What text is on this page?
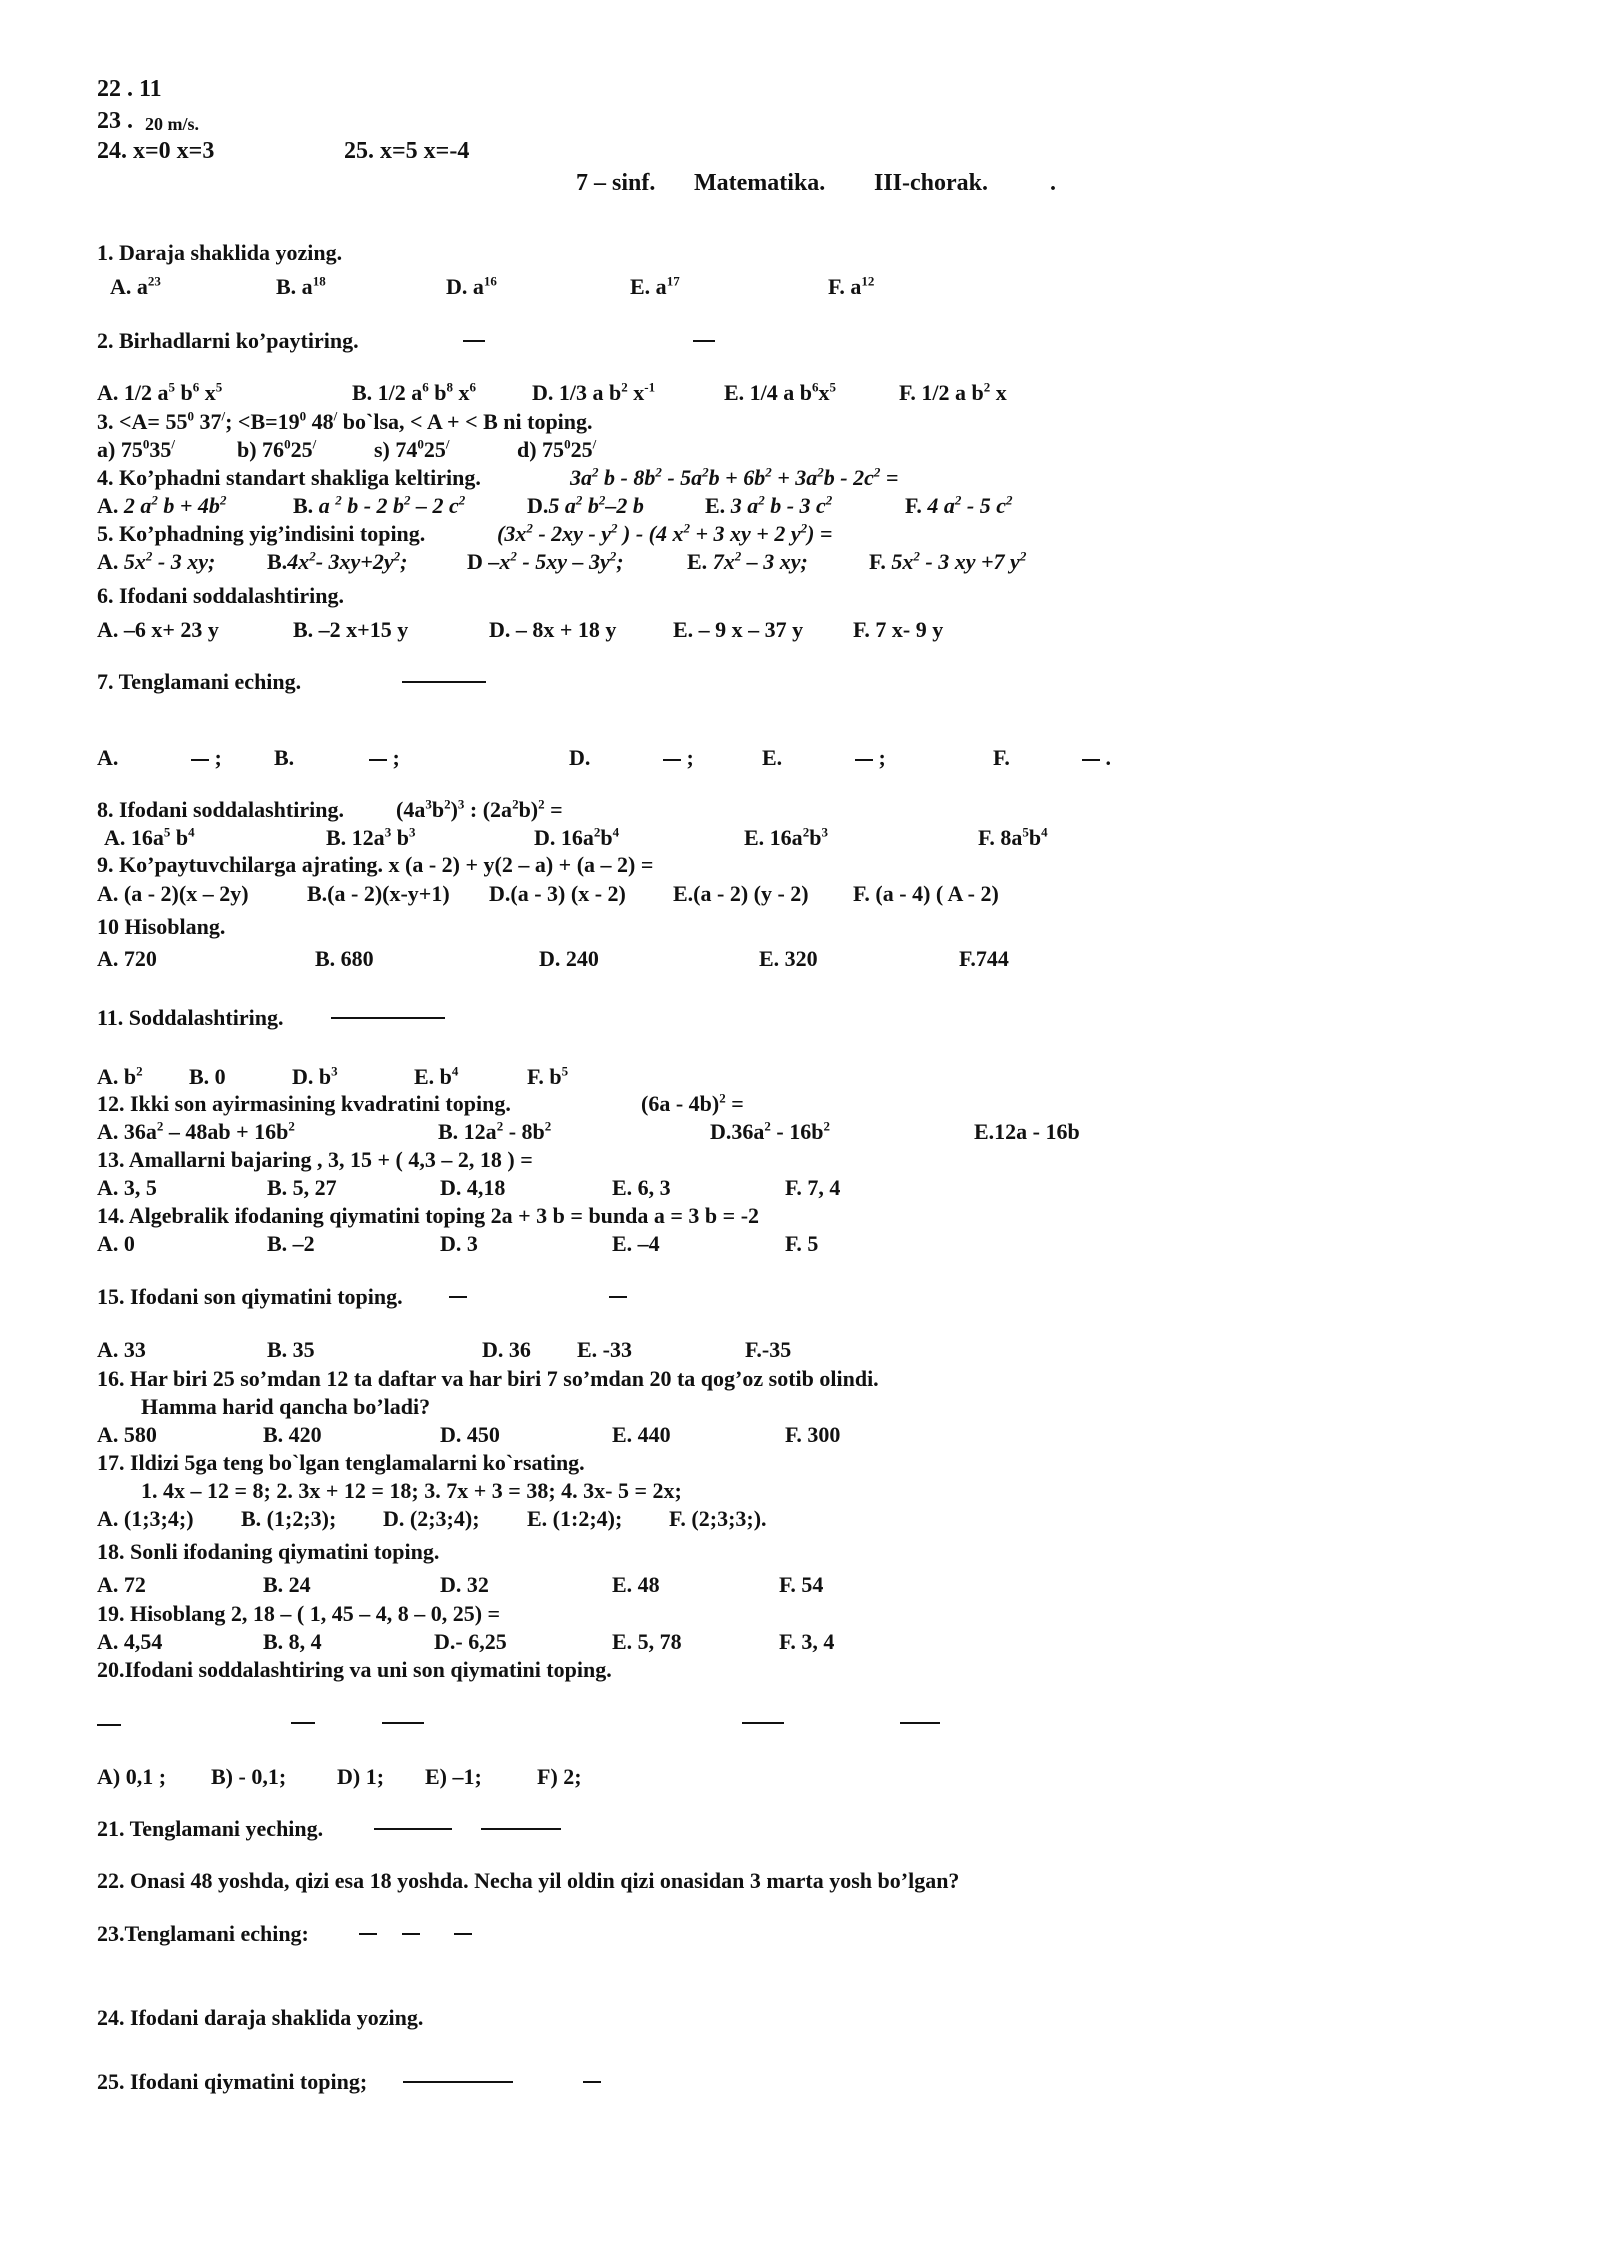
22 . 11
23 . 20 m/s.
24. x=0 x=3	25. x=5 x=-4
7 – sinf. Matematika. III-chorak.	.
1. Daraja shaklida yozing.
A. $a^{23}$	B. $a^{18}$	D. $a^{16}$	E. $a^{17}$	F. $a^{12}$
2. Birhadlarni ko’paytiring.
A. 1/2 $a^5$ $b^6$ $x^5$	B. 1/2 $a^6$ $b^8$ $x^6$	D. 1/3 a $b^2$ $x^{-1}$	E. 1/4 a $b^6x^5$	F. 1/2 a $b^2$ x
3. $<A= 55^0$ 37/; $<B=19^0$ 48/ bo`lsa, < A + < B ni toping.
a) $75^035^/$	b) $76^025^/$	s) $74^025^/$	d) $75^025^/$
4. Ko’phadni standart shakliga keltiring.	$3a^2$ $b - 8b^2 - 5a^2b + 6b^2 + 3a^2b - 2c^2$ =
A. 2 $a^2$ $b + 4b^2$	B. a $^2$ b - 2 $b^2 - 2$ $c^2$	D.5 $a^2$ $b^2-2$ b	E. 3 $a^2$ b - 3 $c^2$	F. 4 $a^2 - 5$ $c^2$
5. Ko’phadning yig’indisini toping.	($3x^2 - 2xy - y^2$ ) - (4 $x^2 + 3$ xy + 2 $y^2$) =
A. $5x^2 - 3$ xy; $B.4x^2-$ $3xy+2y^2$;	D $-x^2 - 5xy - 3y^2$;	E. $7x^2 - 3$ xy;	F. $5x^2 - 3$ xy +7 $y^2$
6. Ifodani soddalashtiring.
A. –6 x+ 23 y	B. –2 x+15 y	D. – 8x + 18 y	E. – 9 x – 37 y F. 7 x- 9 y
7. Tenglamani eching.
A.	; B.	;	D.	;	E.	;	F.	.
8. Ifodani soddalashtiring. $(4a^3b^2)^3$ : $(2a^2b)^2$ =
A. $16a^5$ $b^4$	B. $12a^3$ $b^3$	D. $16a^2b^4$	E. $16a^2b^3$	F. $8a^5b^4$
9. Ko’paytuvchilarga ajrating. x (a - 2) + y(2 – a) + (a – 2) =
A. (a - 2)(x – 2y)	B.(a - 2)(x-y+1) D.(a - 3) (x - 2) E.(a - 2) (y - 2) F. (a - 4) ( A - 2)
10 Hisoblang.
A. 720	B. 680	D. 240	E. 320	F.744
11. Soddalashtiring.
A. $b^2$ B. 0	D. $b^3$	E. $b^4$	F. $b^5$
12. Ikki son ayirmasining kvadratini toping.	(6a - 4b)$^2$ =
A. $36a^2 - 48ab + 16b^2$	B. $12a^2 - 8b^2$	$D.36a^2 - 16b^2$	E.12a - 16b
13. Amallarni bajaring , 3, 15 + ( 4,3 – 2, 18 ) =
A. 3, 5	B. 5, 27	D. 4,18	E. 6, 3	F. 7, 4
14. Algebralik ifodaning qiymatini toping 2a + 3 b = bunda a = 3 b = -2
A. 0	B. –2	D. 3	E. –4	F. 5
15. Ifodani son qiymatini toping.
A. 33	B. 35	D. 36 E. -33	F.-35
16. Har biri 25 so’mdan 12 ta daftar va har biri 7 so’mdan 20 ta qog’oz sotib olindi.
Hamma harid qancha bo’ladi?
A. 580	B. 420	D. 450	E. 440	F. 300
17. Ildizi 5ga teng bo`lgan tenglamalarni ko`rsating.
1. 4x – 12 = 8; 2. 3x + 12 = 18; 3. 7x + 3 = 38; 4. 3x- 5 = 2x;
A. (1;3;4;) B. (1;2;3); D. (2;3;4); E. (1:2;4); F. (2;3;3;).
18. Sonli ifodaning qiymatini toping.
A. 72	B. 24	D. 32	E. 48	F. 54
19. Hisoblang 2, 18 – ( 1, 45 – 4, 8 – 0, 25) =
A. 4,54	B. 8, 4	D.- 6,25	E. 5, 78	F. 3, 4
20.Ifodani soddalashtiring va uni son qiymatini toping.
A) 0,1 ; B) - 0,1; D) 1; E) –1;	F) 2;
21. Tenglamani yeching.
22. Onasi 48 yoshda, qizi esa 18 yoshda. Necha yil oldin qizi onasidan 3 marta yosh bo’lgan?
23.Tenglamani eching:
24. Ifodani daraja shaklida yozing.
25. Ifodani qiymatini toping;
